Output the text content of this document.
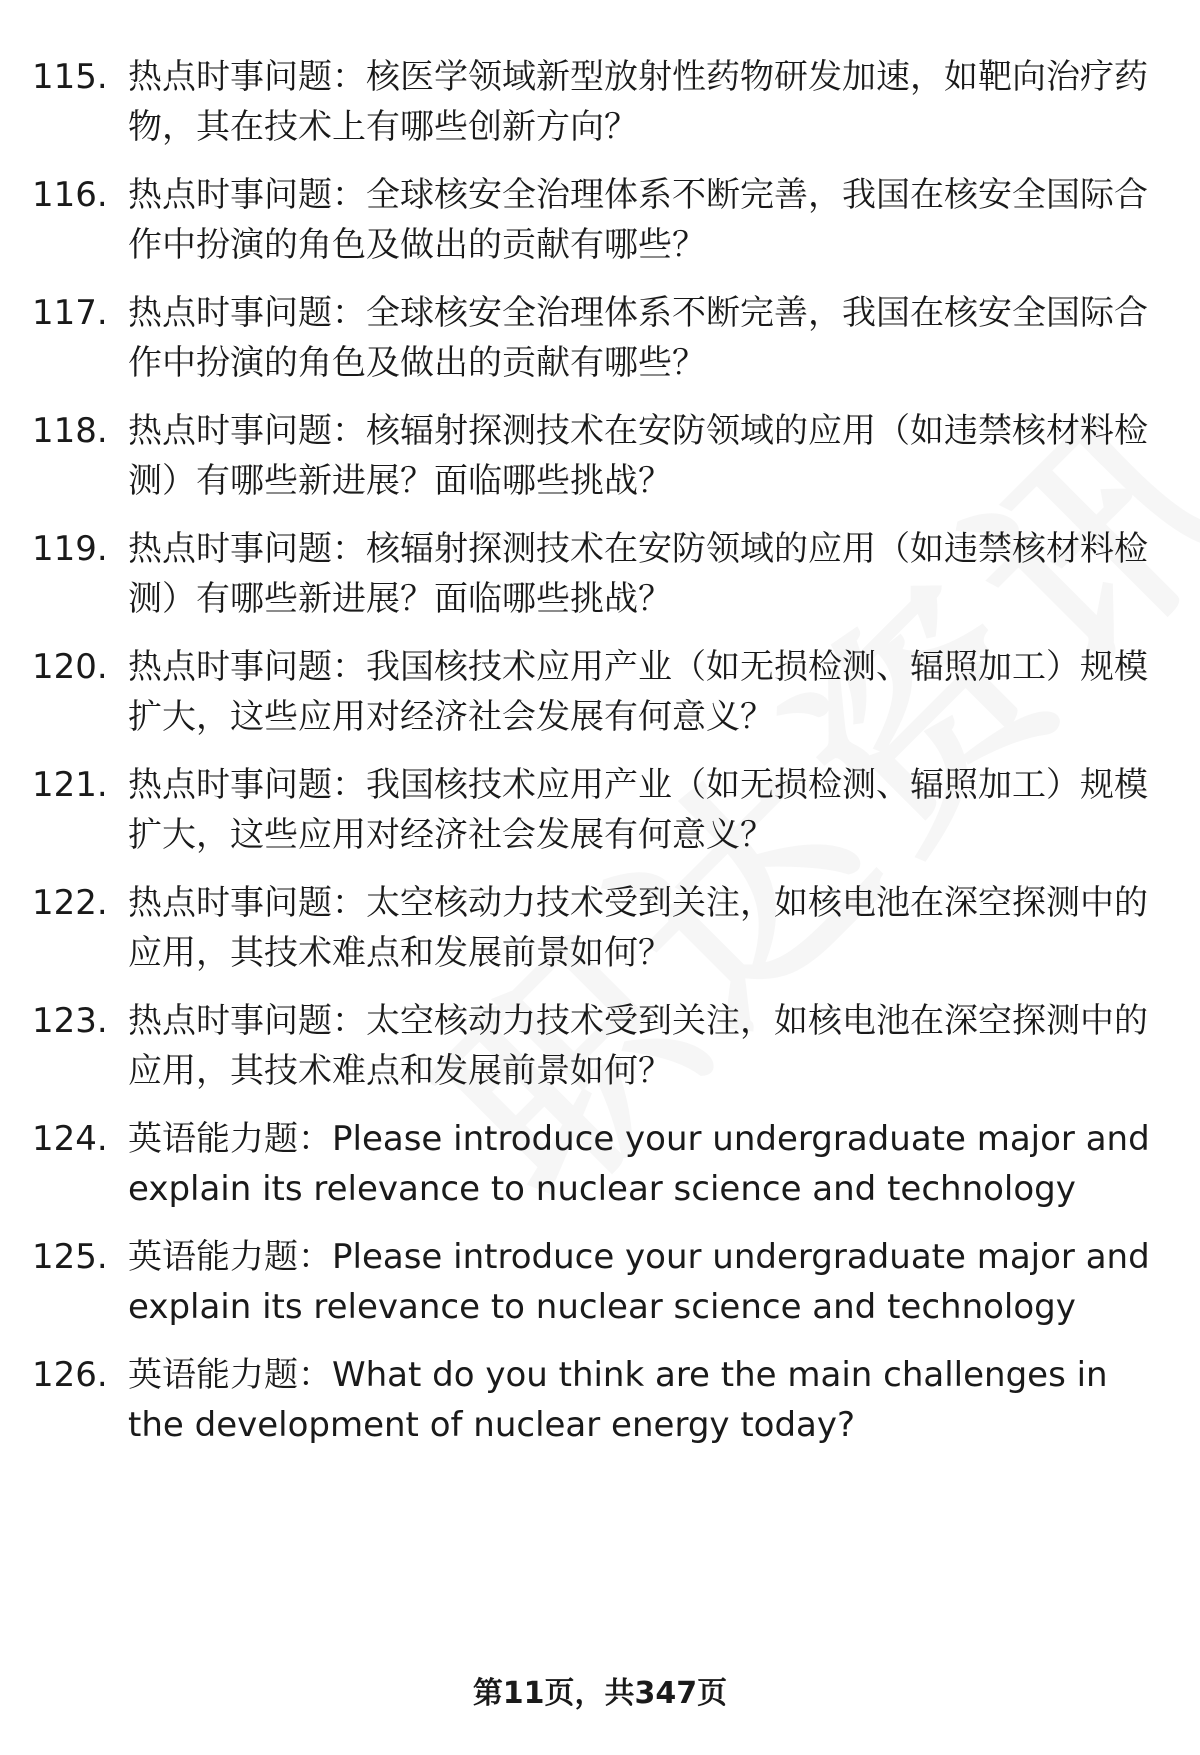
115. 热点时事问题：核医学领域新型放射性药物研发加速，如靶向治疗药物，其在技术上有哪些创新方向？
116. 热点时事问题：全球核安全治理体系不断完善，我国在核安全国际合作中扮演的角色及做出的贡献有哪些？
117. 热点时事问题：全球核安全治理体系不断完善，我国在核安全国际合作中扮演的角色及做出的贡献有哪些？
118. 热点时事问题：核辐射探测技术在安防领域的应用（如违禁核材料检测）有哪些新进展？面临哪些挑战？
119. 热点时事问题：核辐射探测技术在安防领域的应用（如违禁核材料检测）有哪些新进展？面临哪些挑战？
120. 热点时事问题：我国核技术应用产业（如无损检测、辐照加工）规模扩大，这些应用对经济社会发展有何意义？
121. 热点时事问题：我国核技术应用产业（如无损检测、辐照加工）规模扩大，这些应用对经济社会发展有何意义？
122. 热点时事问题：太空核动力技术受到关注，如核电池在深空探测中的应用，其技术难点和发展前景如何？
123. 热点时事问题：太空核动力技术受到关注，如核电池在深空探测中的应用，其技术难点和发展前景如何？
124. 英语能力题：Please introduce your undergraduate major and explain its relevance to nuclear science and technology
125. 英语能力题：Please introduce your undergraduate major and explain its relevance to nuclear science and technology
126. 英语能力题：What do you think are the main challenges in the development of nuclear energy today?
第11页，共347页
